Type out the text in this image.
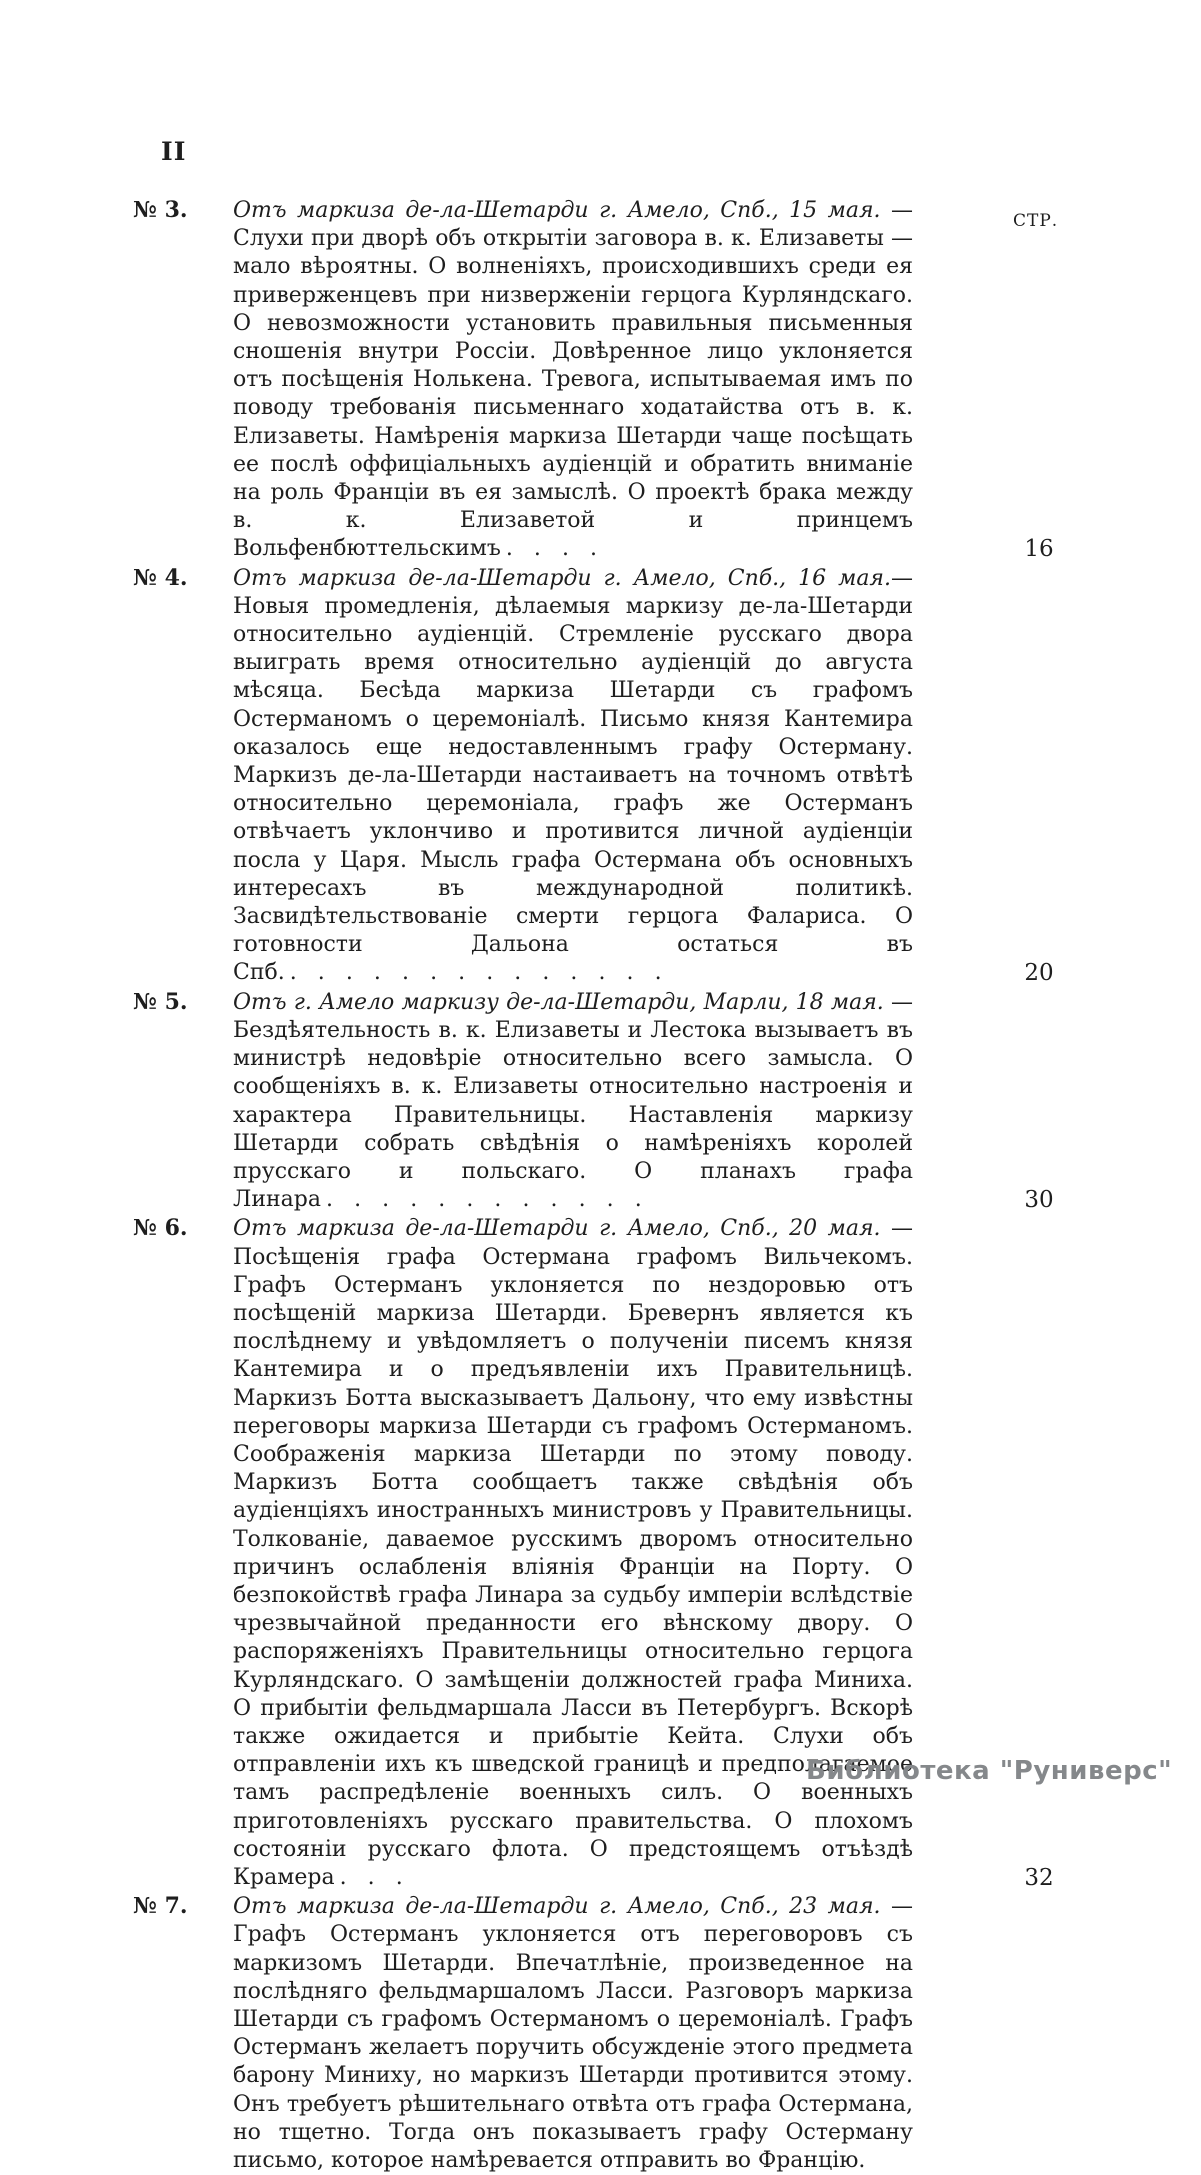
II
СТР.

№ 3. Отъ маркиза де-ла-Шетарди г. Амело, Спб., 15 мая. — Слухи при дворѣ объ открытіи заговора в. к. Елизаветы — мало вѣроятны. О волненіяхъ, происходившихъ среди ея приверженцевъ при низверженіи герцога Курляндскаго. О невозможности установить правильныя письменныя сношенія внутри Россіи. Довѣренное лицо уклоняется отъ посѣщенія Нолькена. Тревога, испытываемая имъ по поводу требованія письменнаго ходатайства отъ в. к. Елизаветы. Намѣренія маркиза Шетарди чаще посѣщать ее послѣ оффиціальныхъ аудіенцій и обратить вниманіе на роль Франціи въ ея замыслѣ. О проектѣ брака между в. к. Елизаветой и принцемъ Вольфенбюттельскимъ . . . .	16

№ 4. Отъ маркиза де-ла-Шетарди г. Амело, Спб., 16 мая.—Новыя промедленія, дѣлаемыя маркизу де-ла-Шетарди относительно аудіенцій. Стремленіе русскаго двора выиграть время относительно аудіенцій до августа мѣсяца. Бесѣда маркиза Шетарди съ графомъ Остерманомъ о церемоніалѣ. Письмо князя Кантемира оказалось еще недоставленнымъ графу Остерману. Маркизъ де-ла-Шетарди настаиваетъ на точномъ отвѣтѣ относительно церемоніала, графъ же Остерманъ отвѣчаетъ уклончиво и противится личной аудіенціи посла у Царя. Мысль графа Остермана объ основныхъ интересахъ въ международной политикѣ. Засвидѣтельствованіе смерти герцога Фалариса. О готовности Дальона остаться въ Спб. . . . . . . . . . . . . . .	20

№ 5. Отъ г. Амело маркизу де-ла-Шетарди, Марли, 18 мая. — Бездѣятельность в. к. Елизаветы и Лестока вызываетъ въ министрѣ недовѣріе относительно всего замысла. О сообщеніяхъ в. к. Елизаветы относительно настроенія и характера Правительницы. Наставленія маркизу Шетарди собрать свѣдѣнія о намѣреніяхъ королей прусскаго и польскаго. О планахъ графа Линара . . . . . . . . . . . .	30

№ 6. Отъ маркиза де-ла-Шетарди г. Амело, Спб., 20 мая. — Посѣщенія графа Остермана графомъ Вильчекомъ. Графъ Остерманъ уклоняется по нездоровью отъ посѣщеній маркиза Шетарди. Бревернъ является къ послѣднему и увѣдомляетъ о полученіи писемъ князя Кантемира и о предъявленіи ихъ Правительницѣ. Маркизъ Ботта высказываетъ Дальону, что ему извѣстны переговоры маркиза Шетарди съ графомъ Остерманомъ. Соображенія маркиза Шетарди по этому поводу. Маркизъ Ботта сообщаетъ также свѣдѣнія объ аудіенціяхъ иностранныхъ министровъ у Правительницы. Толкованіе, даваемое русскимъ дворомъ относительно причинъ ослабленія вліянія Франціи на Порту. О безпокойствѣ графа Линара за судьбу имперіи вслѣдствіе чрезвычайной преданности его вѣнскому двору. О распоряженіяхъ Правительницы относительно герцога Курляндскаго. О замѣщеніи должностей графа Миниха. О прибытіи фельдмаршала Ласси въ Петербургъ. Вскорѣ также ожидается и прибытіе Кейта. Слухи объ отправленіи ихъ къ шведской границѣ и предполагаемое тамъ распредѣленіе военныхъ силъ. О военныхъ приготовленіяхъ русскаго правительства. О плохомъ состояніи русскаго флота. О предстоящемъ отъѣздѣ Крамера . . .	32

№ 7. Отъ маркиза де-ла-Шетарди г. Амело, Спб., 23 мая. — Графъ Остерманъ уклоняется отъ переговоровъ съ маркизомъ Шетарди. Впечатлѣніе, произведенное на послѣдняго фельдмаршаломъ Ласси. Разговоръ маркиза Шетарди съ графомъ Остерманомъ о церемоніалѣ. Графъ Остерманъ желаетъ поручить обсужденіе этого предмета барону Миниху, но маркизъ Шетарди противится этому. Онъ требуетъ рѣшительнаго отвѣта отъ графа Остермана, но тщетно. Тогда онъ показываетъ графу Остерману письмо, которое намѣревается отправить во Францію.

Библиотека "Руниверс"
